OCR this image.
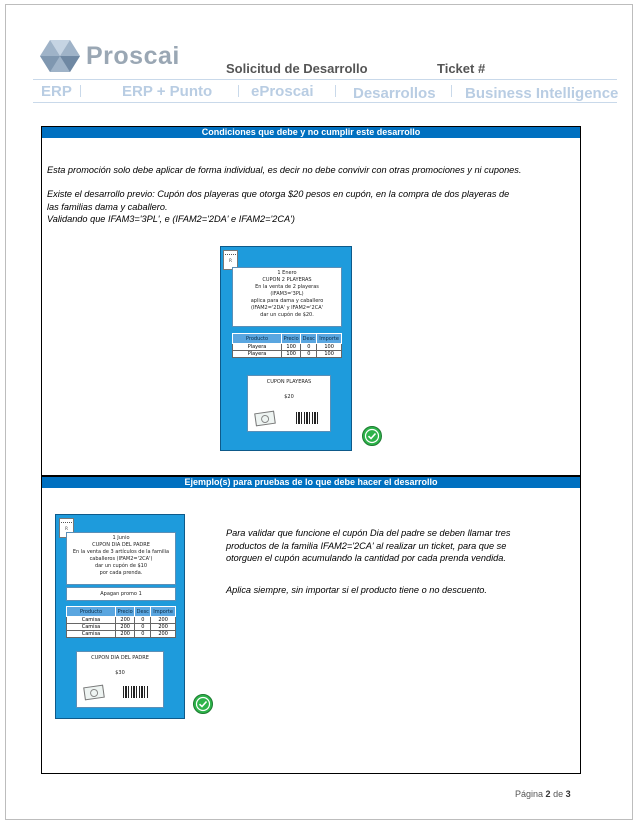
Proscai	Solicitud de Desarrollo	Ticket #
ERP	ERP + Punto	eProscai	Desarrollos Business Intelligence
Condiciones que debe y no cumplir este desarrollo
Esta promoción solo debe aplicar de forma individual, es decir no debe convivir con otras promociones y ni cupones.
Existe el desarrollo previo: Cupón dos playeras que otorga $20 pesos en cupón, en la compra de dos playeras de
las familias dama y caballero.
Validando que IFAM3='3PL', e (IFAM2='2DA' e IFAM2='2CA')
R
1 Enero
CUPON 2 PLAYERAS
En la venta de 2 playeras
(IFAM3='3PL)
aplica para dama y caballero
(IFAM2='2DA' y IFAM2='2CA'
dar un cupón de $20.
Producto	Precio	Desc	Importe
Playera	100	0	100
Playera	100	0	100
CUPON PLAYERAS
$20
Ejemplo(s) para pruebas de lo que debe hacer el desarrollo
Para validar que funcione el cupón Dia del padre se deben llamar tres
productos de la familia IFAM2='2CA' al realizar un ticket, para que se
otorguen el cupón acumulando la cantidad por cada prenda vendida.
Aplica siempre, sin importar si el producto tiene o no descuento.
R
1 Junio
CUPON DIA DEL PADRE
En la venta de 3 artículos de la familia
caballeros (IFAM2='2CA')
dar un cupón de $10
por cada prenda.
Apagan promo 1
Producto	Precio	Desc	Importe
Camisa	200	0	200
Camisa	200	0	200
Camisa	200	0	200
CUPON DIA DEL PADRE
$30
Página 2 de 3
